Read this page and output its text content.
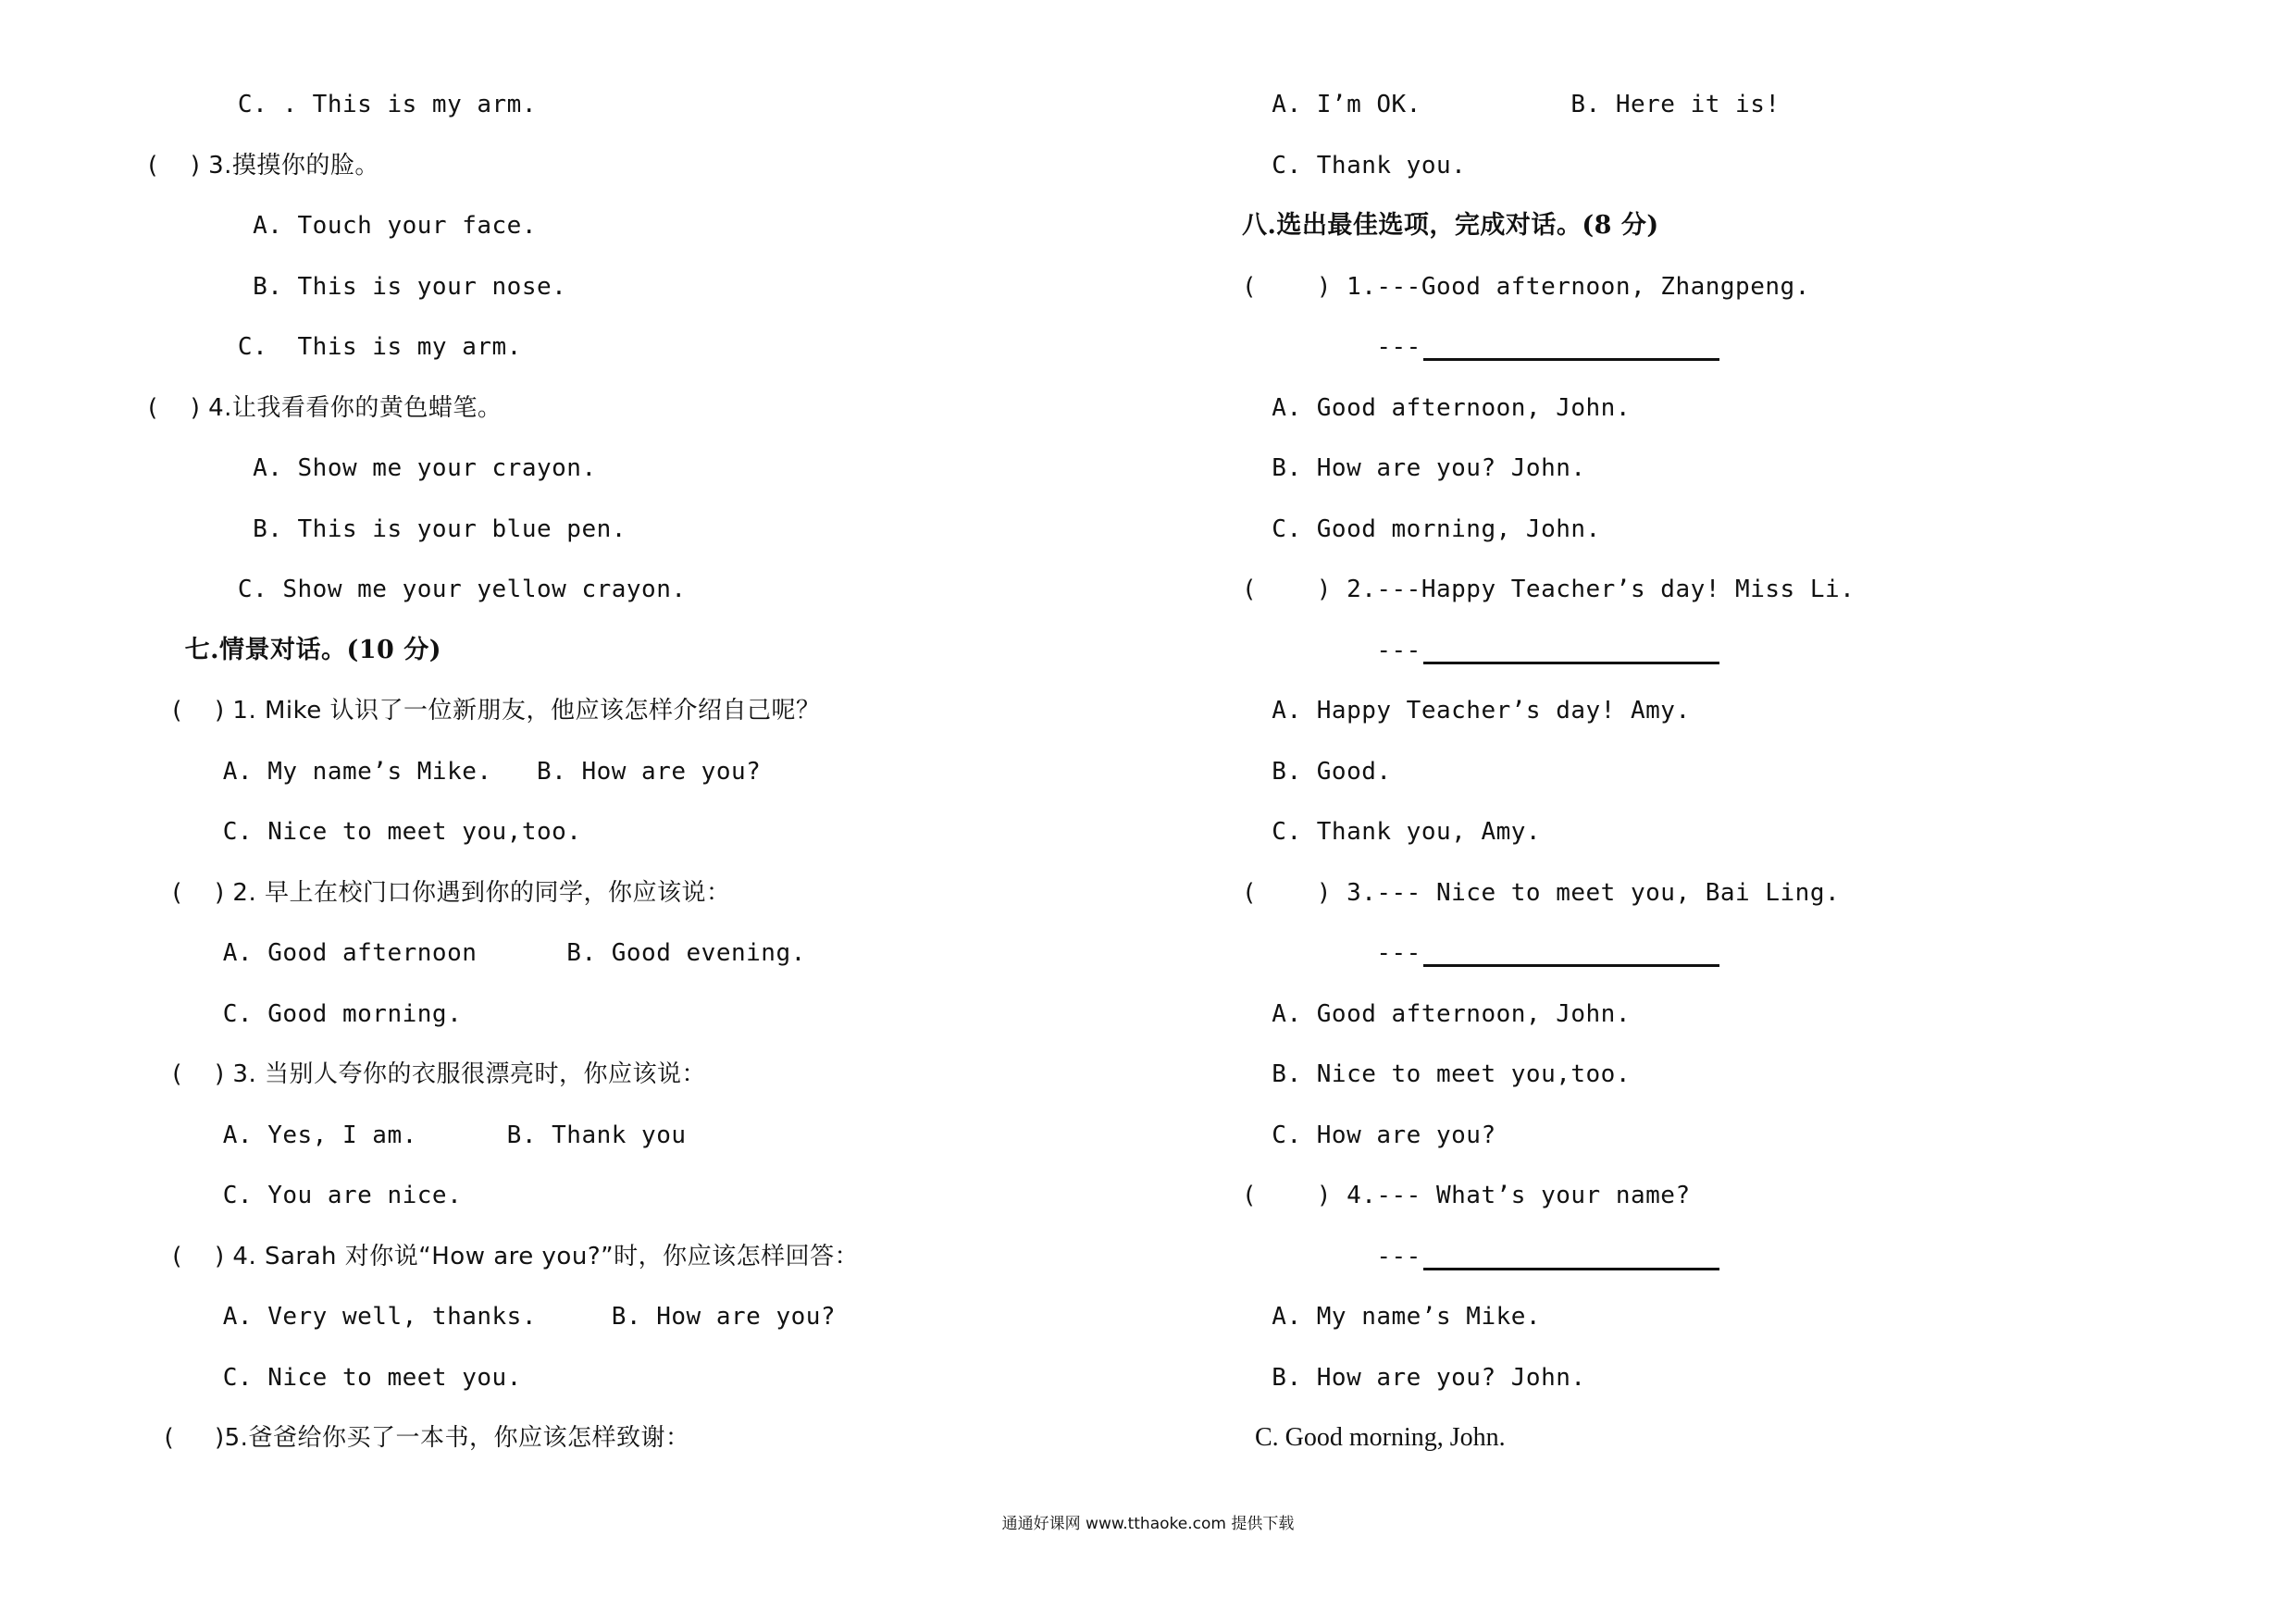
C. . This is my arm.
(    ) 3.摸摸你的脸。
A. Touch your face.
B. This is your nose.
C.  This is my arm.
(    ) 4.让我看看你的黄色蜡笔。
A. Show me your crayon.
B. This is your blue pen.
C. Show me your yellow crayon.
七.情景对话。(10 分)
(    ) 1. Mike 认识了一位新朋友，他应该怎样介绍自己呢？
A. My name’s Mike.   B. How are you?
C. Nice to meet you,too.
(    ) 2. 早上在校门口你遇到你的同学，你应该说：
A. Good afternoon      B. Good evening.
C. Good morning.
(    ) 3. 当别人夸你的衣服很漂亮时，你应该说：
A. Yes, I am.      B. Thank you
C. You are nice.
(    ) 4. Sarah 对你说“How are you?”时，你应该怎样回答：
A. Very well, thanks.     B. How are you?
C. Nice to meet you.
(     )5.爸爸给你买了一本书，你应该怎样致谢：
A. I’m OK.          B. Here it is!
C. Thank you.
八.选出最佳选项，完成对话。(8 分)
(    ) 1.---Good afternoon, Zhangpeng.
---
A. Good afternoon, John.
B. How are you? John.
C. Good morning, John.
(    ) 2.---Happy Teacher’s day! Miss Li.
---
A. Happy Teacher’s day! Amy.
B. Good.
C. Thank you, Amy.
(    ) 3.--- Nice to meet you, Bai Ling.
---
A. Good afternoon, John.
B. Nice to meet you,too.
C. How are you?
(    ) 4.--- What’s your name?
---
A. My name’s Mike.
B. How are you? John.
C. Good morning, John.
通通好课网 www.tthaoke.com 提供下载
